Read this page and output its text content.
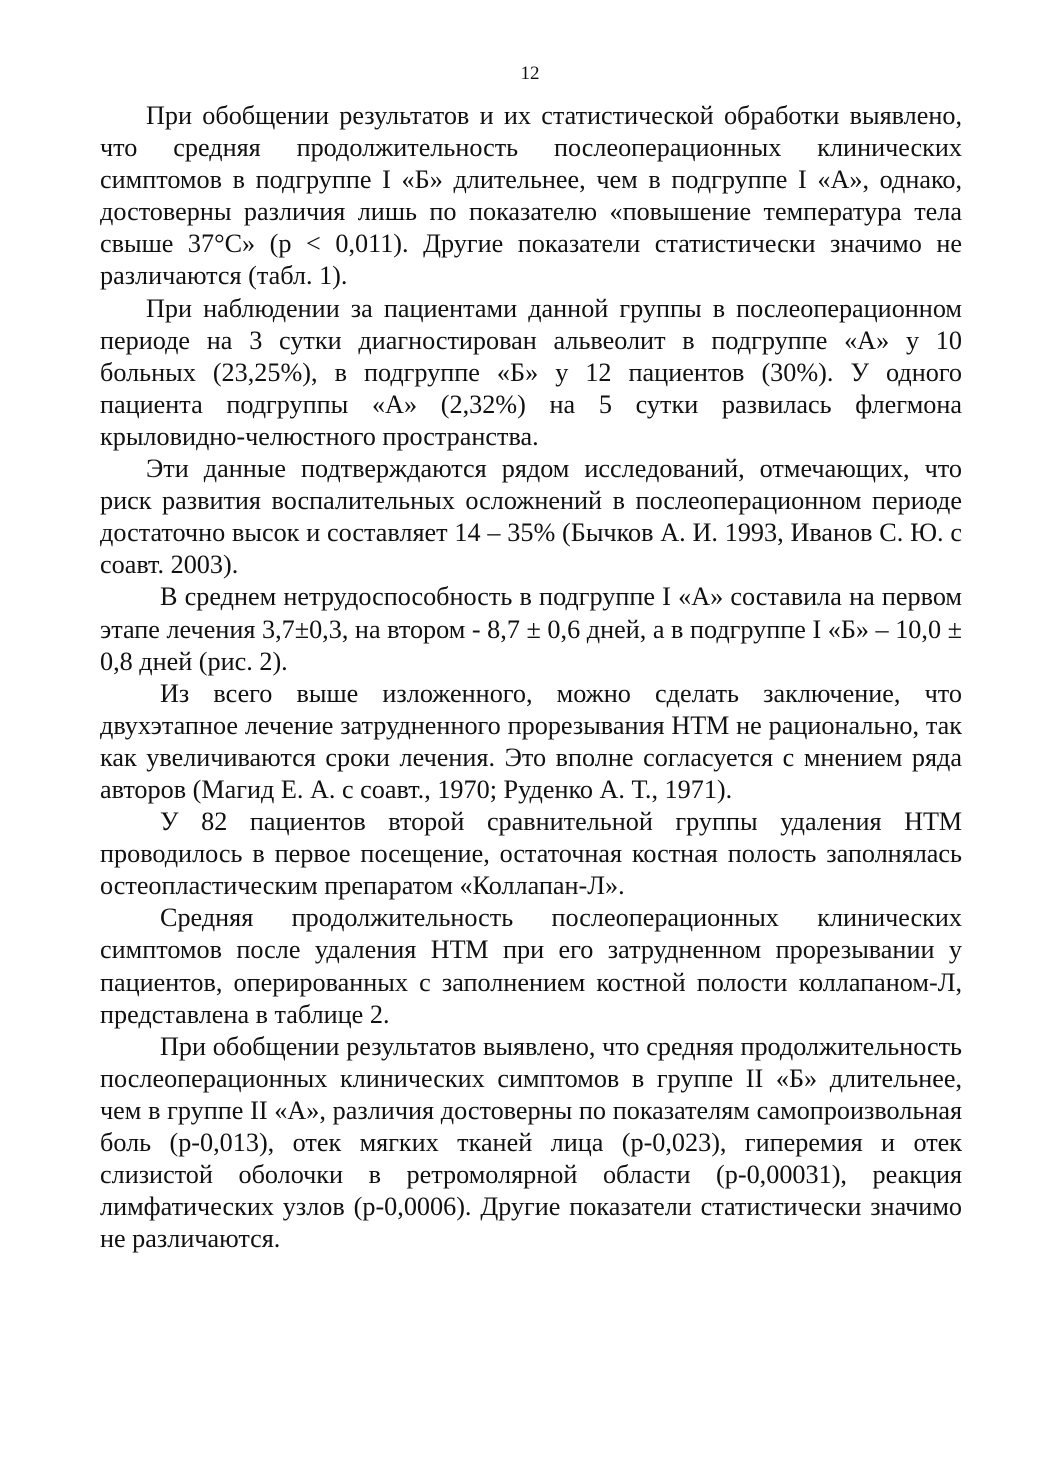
12

При обобщении результатов и их статистической обработки выявлено, что средняя продолжительность послеоперационных клинических симптомов в подгруппе I «Б» длительнее, чем в подгруппе I «А», однако, достоверны различия лишь по показателю «повышение температура тела свыше 37°С» (р < 0,011). Другие показатели статистически значимо не различаются (табл. 1).

При наблюдении за пациентами данной группы в послеоперационном периоде на 3 сутки диагностирован альвеолит в подгруппе «А» у 10 больных (23,25%), в подгруппе «Б» у 12 пациентов (30%). У одного пациента подгруппы «А» (2,32%) на 5 сутки развилась флегмона крыловидно-челюстного пространства.

Эти данные подтверждаются рядом исследований, отмечающих, что риск развития воспалительных осложнений в послеоперационном периоде достаточно высок и составляет 14 – 35% (Бычков А. И. 1993, Иванов С. Ю. с соавт. 2003).

В среднем нетрудоспособность в подгруппе I «А» составила на первом этапе лечения 3,7±0,3, на втором - 8,7 ± 0,6 дней, а в подгруппе I «Б» – 10,0 ± 0,8 дней (рис. 2).

Из всего выше изложенного, можно сделать заключение, что двухэтапное лечение затрудненного прорезывания НТМ не рационально, так как увеличиваются сроки лечения. Это вполне согласуется с мнением ряда авторов (Магид Е. А. с соавт., 1970; Руденко А. Т., 1971).

У 82 пациентов второй сравнительной группы удаления НТМ проводилось в первое посещение, остаточная костная полость заполнялась остеопластическим препаратом «Коллапан-Л».

Средняя продолжительность послеоперационных клинических симптомов после удаления НТМ при его затрудненном прорезывании у пациентов, оперированных с заполнением костной полости коллапаном-Л, представлена в таблице 2.

При обобщении результатов выявлено, что средняя продолжительность послеоперационных клинических симптомов в группе II «Б» длительнее, чем в группе II «А», различия достоверны по показателям самопроизвольная боль (р-0,013), отек мягких тканей лица (р-0,023), гиперемия и отек слизистой оболочки в ретромолярной области (р-0,00031), реакция лимфатических узлов (р-0,0006). Другие показатели статистически значимо не различаются.
